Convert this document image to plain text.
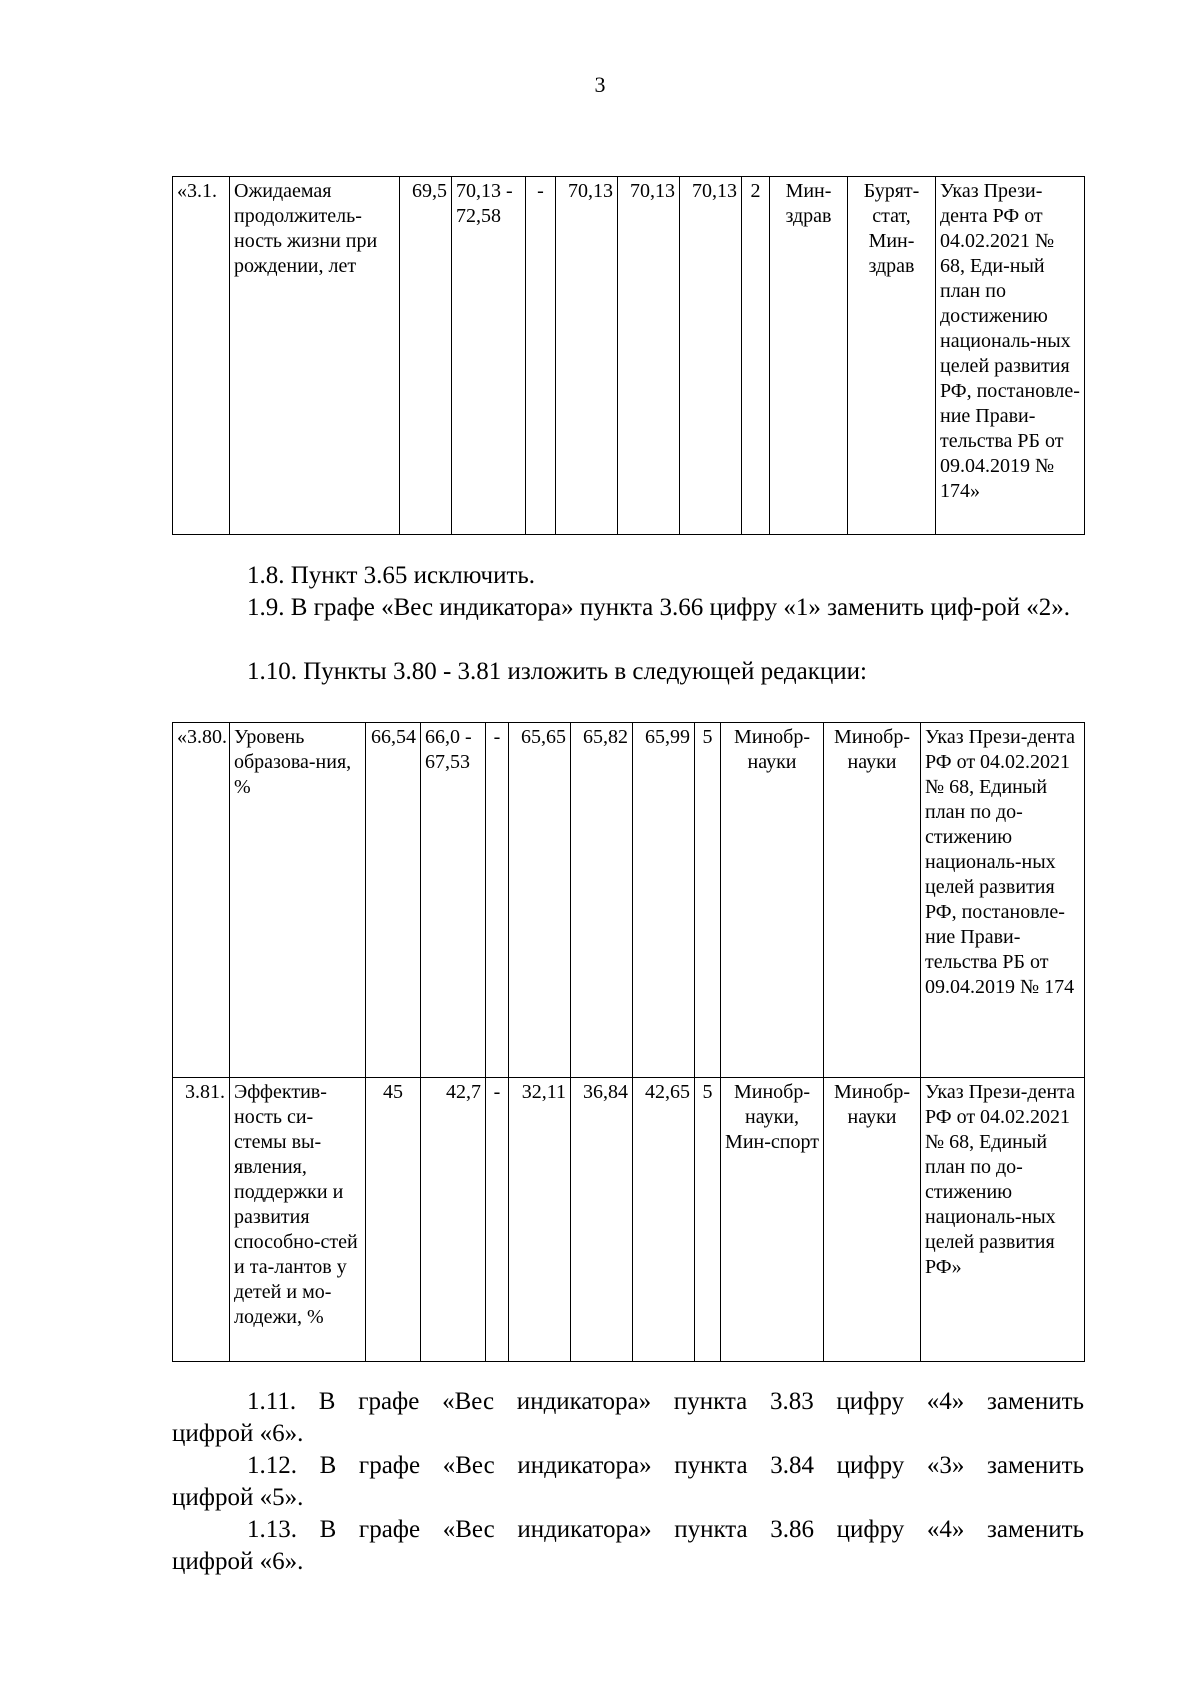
3
«3.1.	Ожидаемая продолжитель-ность жизни при рождении, лет	69,5	70,13 - 72,58	-	70,13	70,13	70,13	2	Мин-здрав	Бурят-стат, Мин-здрав	Указ Прези-дента РФ от 04.02.2021 № 68, Еди-ный план по достижению националь-ных целей развития РФ, постановле-ние Прави-тельства РБ от 09.04.2019 № 174»

1.8. Пункт 3.65 исключить.

1.9. В графе «Вес индикатора» пункта 3.66 цифру «1» заменить циф-рой «2».

1.10. Пункты 3.80 - 3.81 изложить в следующей редакции:

«3.80.	Уровень образова-ния, %	66,54	66,0 - 67,53	-	65,65	65,82	65,99	5	Минобр-науки	Минобр-науки	Указ Прези-дента РФ от 04.02.2021 № 68, Единый план по до-стижению националь-ных целей развития РФ, постановле-ние Прави-тельства РБ от 09.04.2019 № 174
3.81.	Эффектив-ность си-стемы вы-явления, поддержки и развития способно-стей и та-лантов у детей и мо-лодежи, %	45	42,7	-	32,11	36,84	42,65	5	Минобр-науки, Мин-спорт	Минобр-науки	Указ Прези-дента РФ от 04.02.2021 № 68, Единый план по до-стижению националь-ных целей развития РФ»
1.11. В графе «Вес индикатора» пункта 3.83 цифру «4» заменить
цифрой «6».
1.12. В графе «Вес индикатора» пункта 3.84 цифру «3» заменить
цифрой «5».
1.13. В графе «Вес индикатора» пункта 3.86 цифру «4» заменить
цифрой «6».
